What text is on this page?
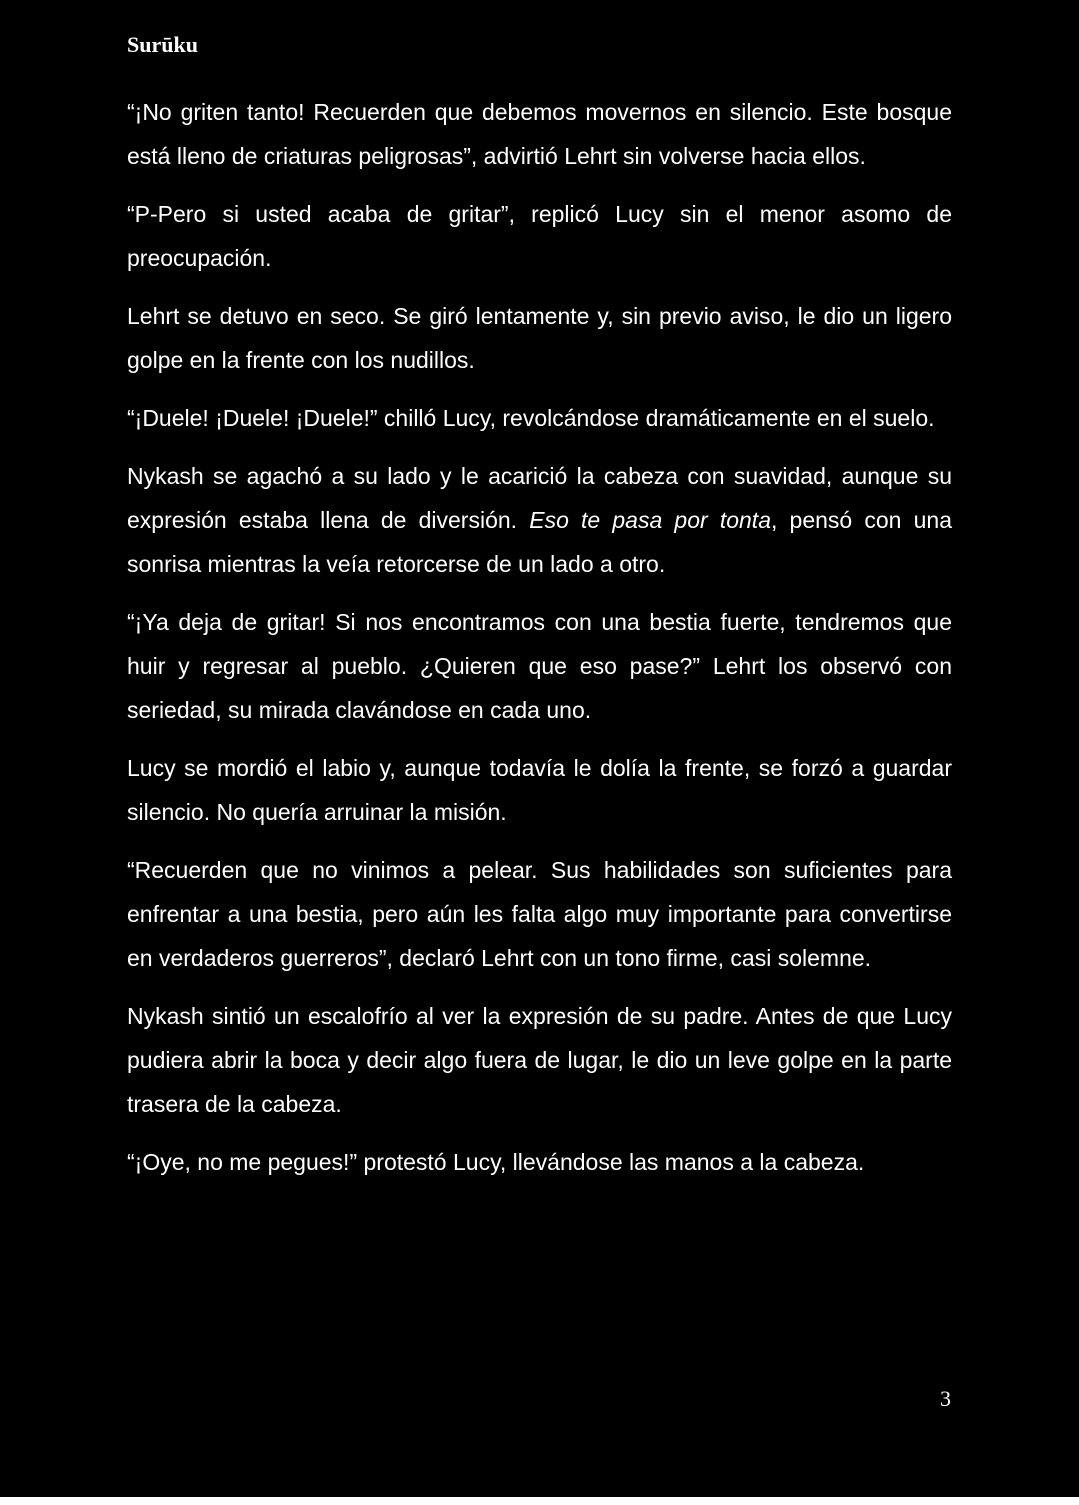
Surūku

“¡No griten tanto! Recuerden que debemos movernos en silencio. Este bosque está lleno de criaturas peligrosas”, advirtió Lehrt sin volverse hacia ellos.

“P-Pero si usted acaba de gritar”, replicó Lucy sin el menor asomo de preocupación.

Lehrt se detuvo en seco. Se giró lentamente y, sin previo aviso, le dio un ligero golpe en la frente con los nudillos.

“¡Duele! ¡Duele! ¡Duele!” chilló Lucy, revolcándose dramáticamente en el suelo.

Nykash se agachó a su lado y le acarició la cabeza con suavidad, aunque su expresión estaba llena de diversión. Eso te pasa por tonta, pensó con una sonrisa mientras la veía retorcerse de un lado a otro.

“¡Ya deja de gritar! Si nos encontramos con una bestia fuerte, tendremos que huir y regresar al pueblo. ¿Quieren que eso pase?” Lehrt los observó con seriedad, su mirada clavándose en cada uno.

Lucy se mordió el labio y, aunque todavía le dolía la frente, se forzó a guardar silencio. No quería arruinar la misión.

“Recuerden que no vinimos a pelear. Sus habilidades son suficientes para enfrentar a una bestia, pero aún les falta algo muy importante para convertirse en verdaderos guerreros”, declaró Lehrt con un tono firme, casi solemne.

Nykash sintió un escalofrío al ver la expresión de su padre. Antes de que Lucy pudiera abrir la boca y decir algo fuera de lugar, le dio un leve golpe en la parte trasera de la cabeza.

“¡Oye, no me pegues!” protestó Lucy, llevándose las manos a la cabeza.

3
